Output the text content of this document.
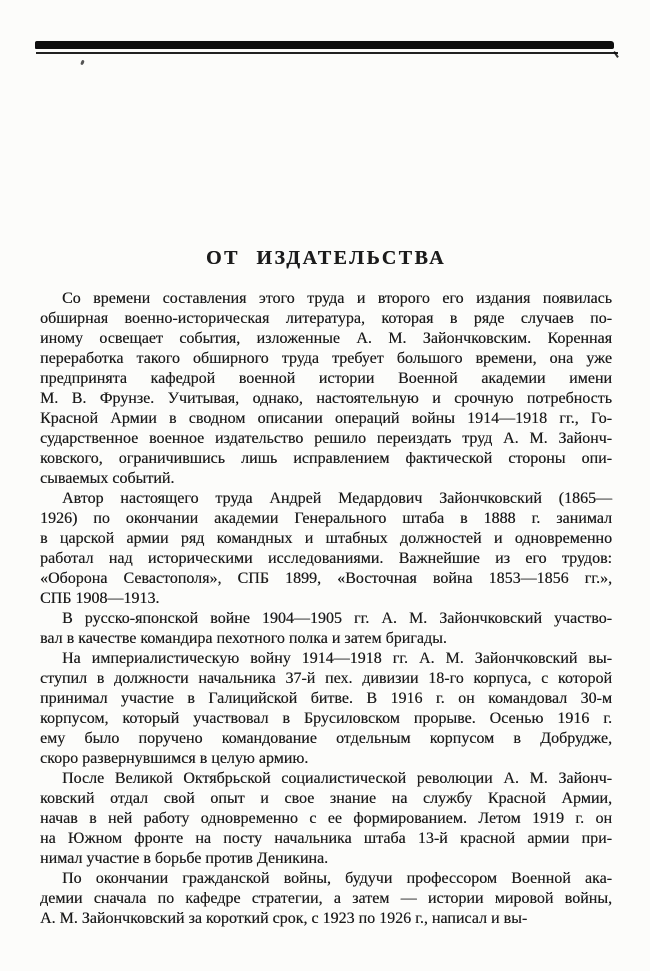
ОТ ИЗДАТЕЛЬСТВА
Со времени составления этого труда и второго его издания появилась
обширная военно-историческая литература, которая в ряде случаев по-
иному освещает события, изложенные А. М. Зайончковским. Коренная
переработка такого обширного труда требует большого времени, она уже
предпринята кафедрой военной истории Военной академии имени
М. В. Фрунзе. Учитывая, однако, настоятельную и срочную потребность
Красной Армии в сводном описании операций войны 1914—1918 гг., Го-
сударственное военное издательство решило переиздать труд А. М. Зайонч-
ковского, ограничившись лишь исправлением фактической стороны опи-
сываемых событий.
Автор настоящего труда Андрей Медардович Зайончковский (1865—
1926) по окончании академии Генерального штаба в 1888 г. занимал
в царской армии ряд командных и штабных должностей и одновременно
работал над историческими исследованиями. Важнейшие из его трудов:
«Оборона Севастополя», СПБ 1899, «Восточная война 1853—1856 гг.»,
СПБ 1908—1913.
В русско-японской войне 1904—1905 гг. А. М. Зайончковский участво-
вал в качестве командира пехотного полка и затем бригады.
На империалистическую войну 1914—1918 гг. А. М. Зайончковский вы-
ступил в должности начальника 37-й пех. дивизии 18-го корпуса, с которой
принимал участие в Галицийской битве. В 1916 г. он командовал 30-м
корпусом, который участвовал в Брусиловском прорыве. Осенью 1916 г.
ему было поручено командование отдельным корпусом в Добрудже,
скоро развернувшимся в целую армию.
После Великой Октябрьской социалистической революции А. М. Зайонч-
ковский отдал свой опыт и свое знание на службу Красной Армии,
начав в ней работу одновременно с ее формированием. Летом 1919 г. он
на Южном фронте на посту начальника штаба 13-й красной армии при-
нимал участие в борьбе против Деникина.
По окончании гражданской войны, будучи профессором Военной ака-
демии сначала по кафедре стратегии, а затем — истории мировой войны,
А. М. Зайончковский за короткий срок, с 1923 по 1926 г., написал и вы-
